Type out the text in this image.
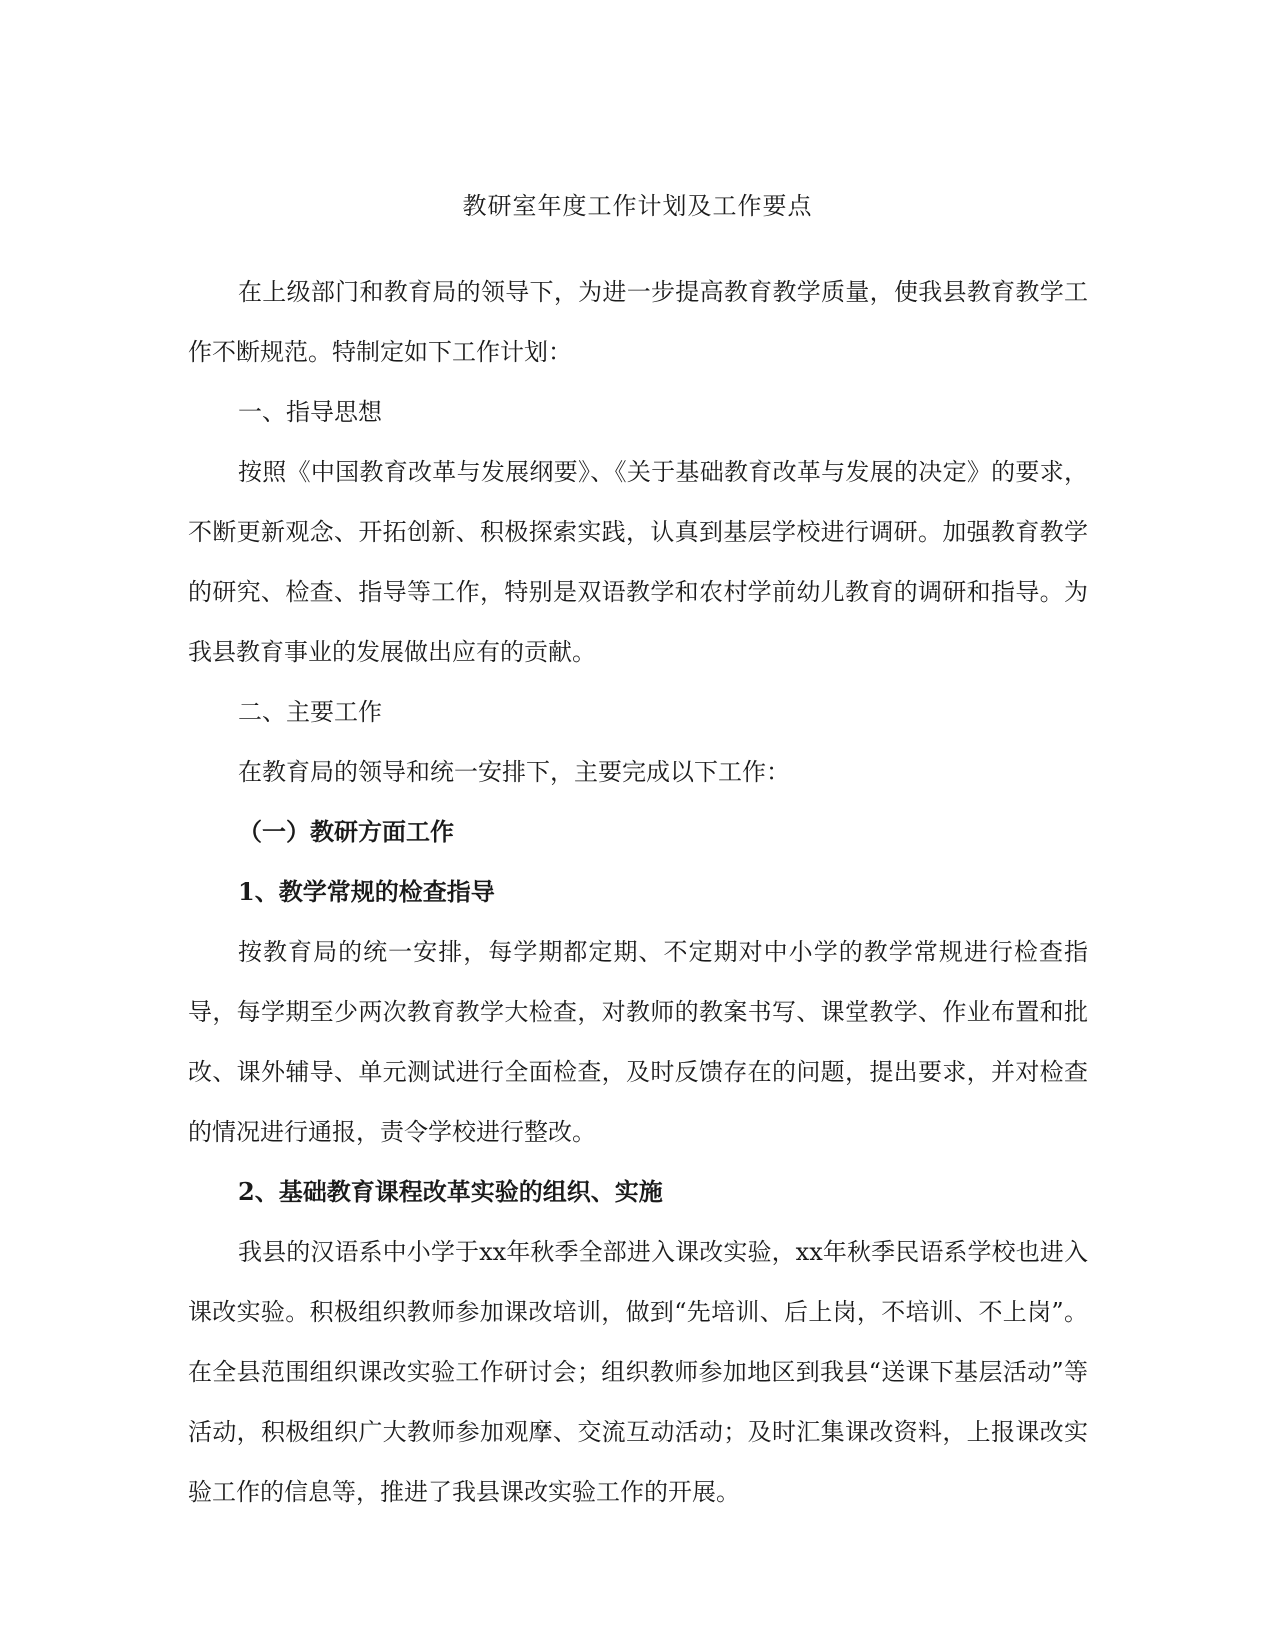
教研室年度工作计划及工作要点

在上级部门和教育局的领导下，为进一步提高教育教学质量，使我县教育教学工作不断规范。特制定如下工作计划：

一、指导思想

按照《中国教育改革与发展纲要》、《关于基础教育改革与发展的决定》的要求，不断更新观念、开拓创新、积极探索实践，认真到基层学校进行调研。加强教育教学的研究、检查、指导等工作，特别是双语教学和农村学前幼儿教育的调研和指导。为我县教育事业的发展做出应有的贡献。

二、主要工作

在教育局的领导和统一安排下，主要完成以下工作：

（一）教研方面工作

1、教学常规的检查指导

按教育局的统一安排，每学期都定期、不定期对中小学的教学常规进行检查指导，每学期至少两次教育教学大检查，对教师的教案书写、课堂教学、作业布置和批改、课外辅导、单元测试进行全面检查，及时反馈存在的问题，提出要求，并对检查的情况进行通报，责令学校进行整改。

2、基础教育课程改革实验的组织、实施

我县的汉语系中小学于xx年秋季全部进入课改实验，xx年秋季民语系学校也进入课改实验。积极组织教师参加课改培训，做到“先培训、后上岗，不培训、不上岗”。在全县范围组织课改实验工作研讨会；组织教师参加地区到我县“送课下基层活动”等活动，积极组织广大教师参加观摩、交流互动活动；及时汇集课改资料，上报课改实验工作的信息等，推进了我县课改实验工作的开展。
